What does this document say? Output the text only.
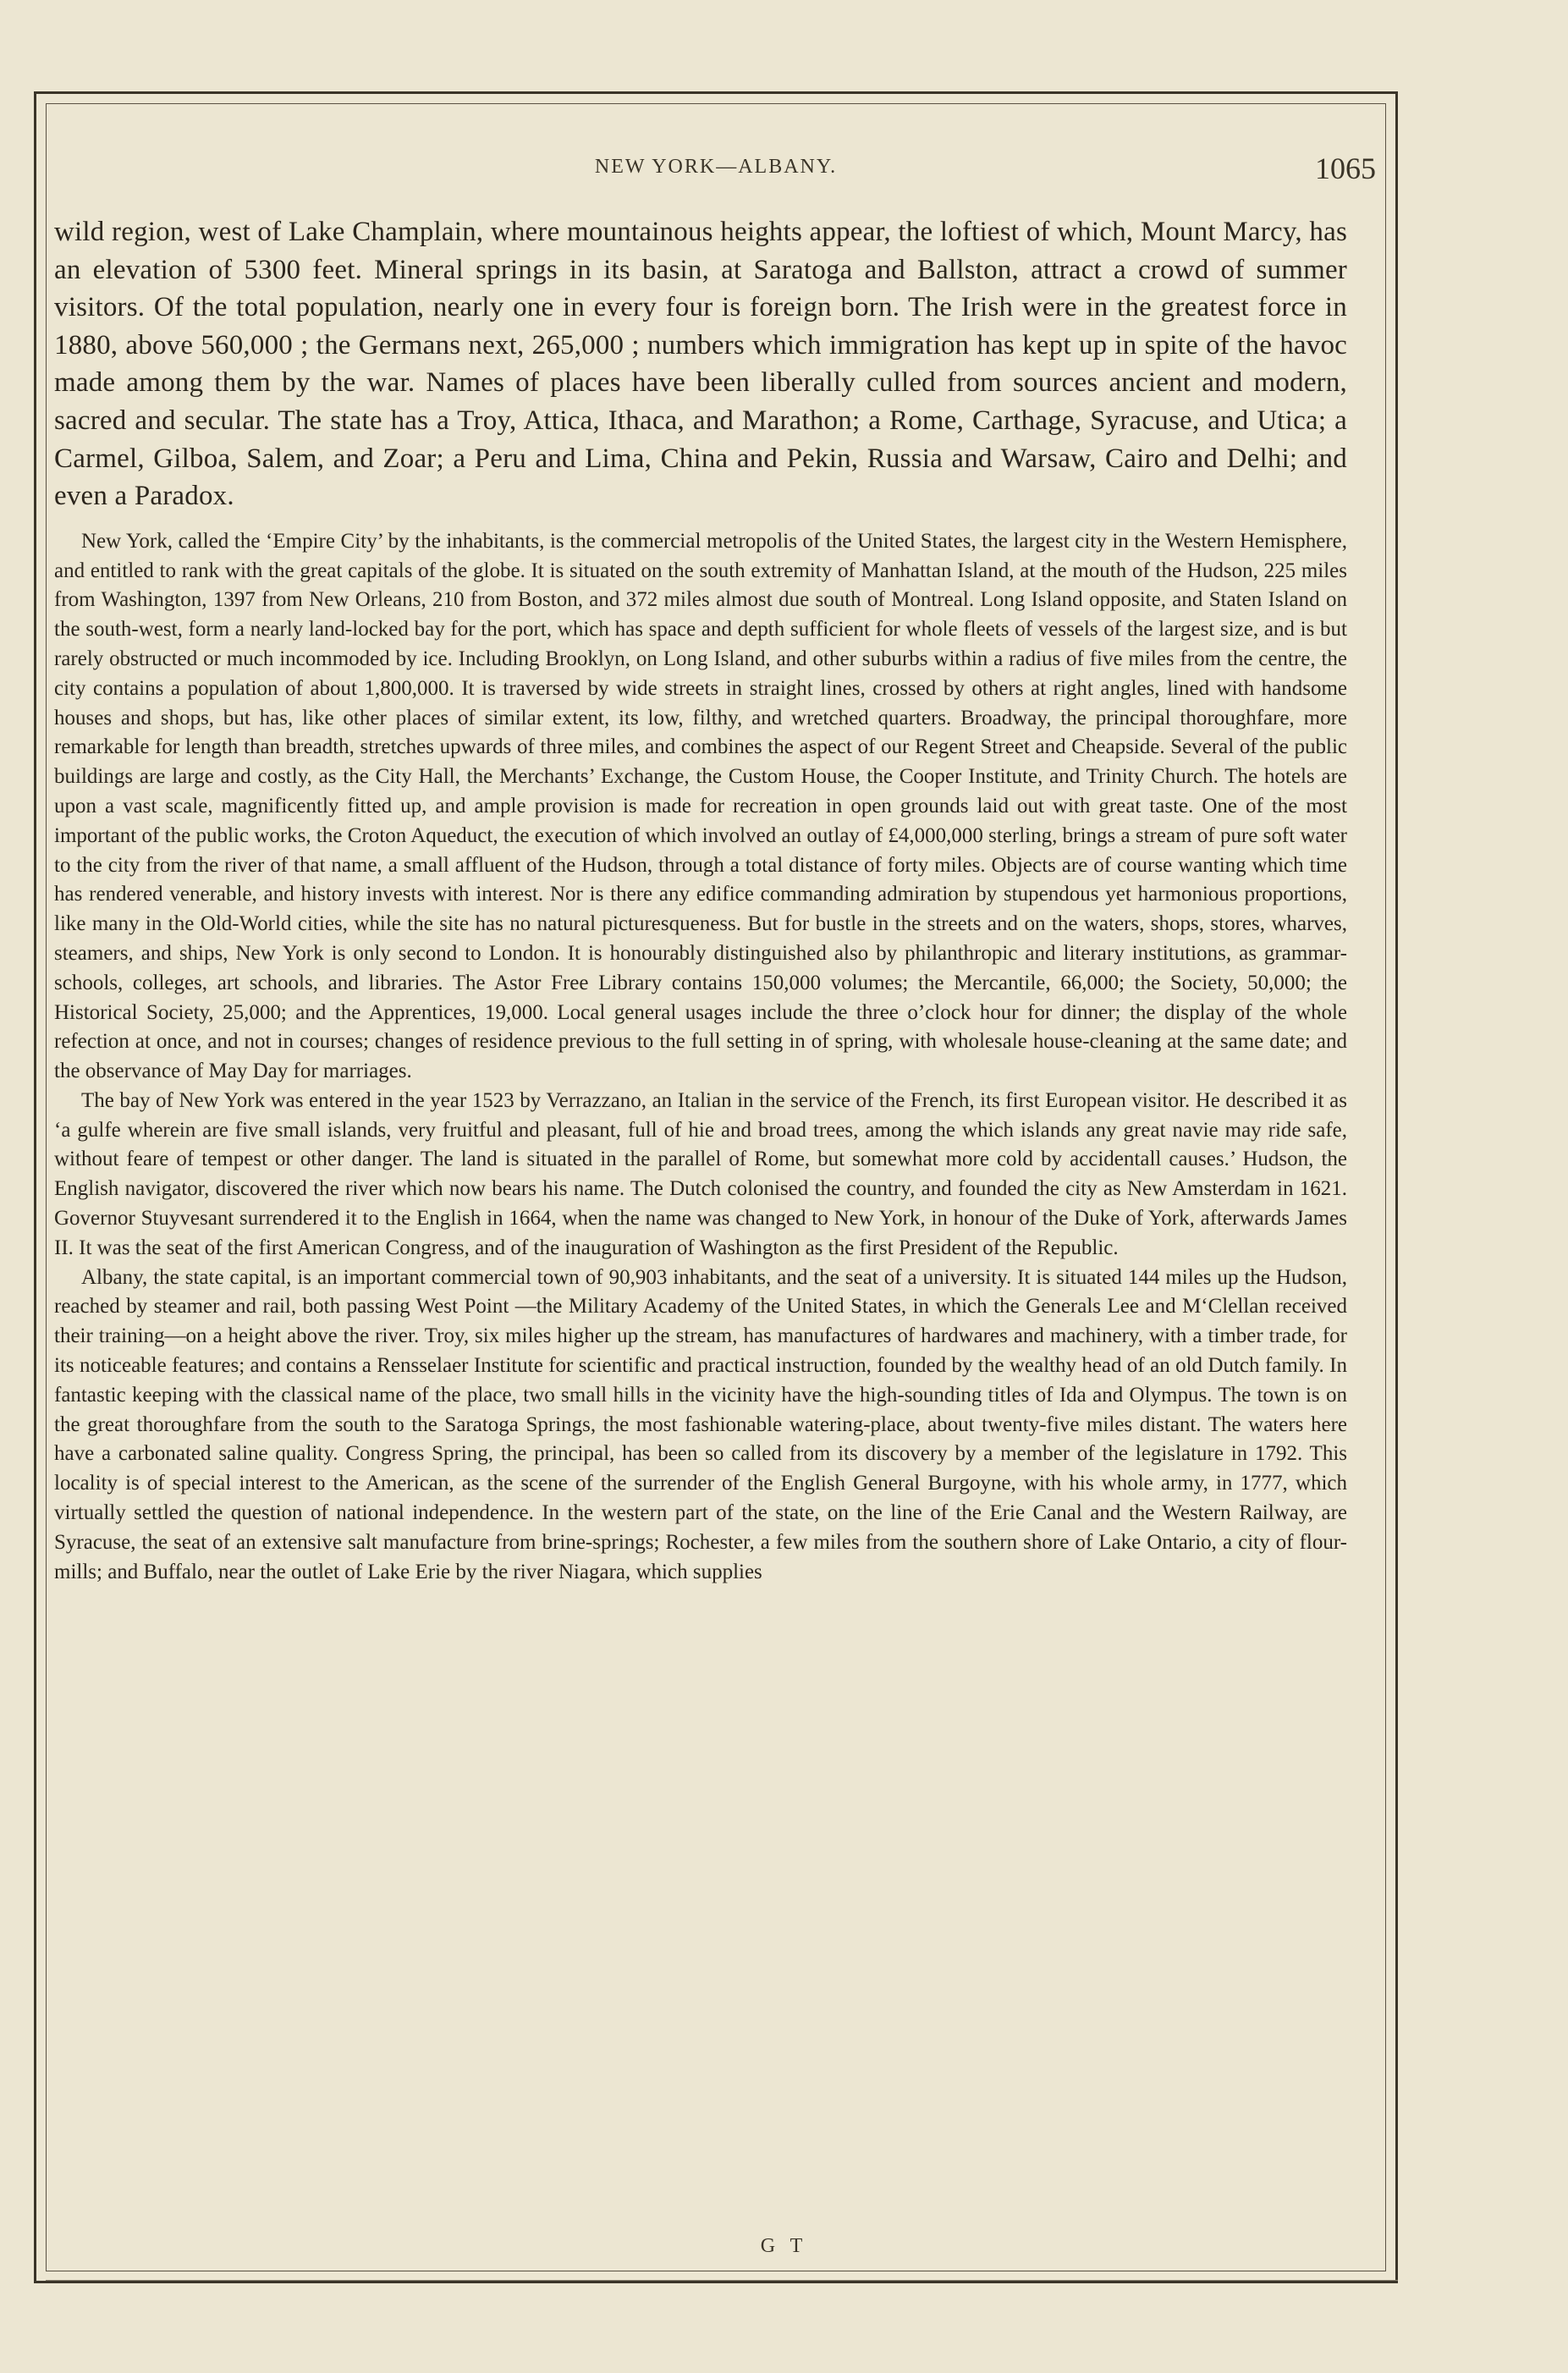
NEW YORK—ALBANY.	1065

wild region, west of Lake Champlain, where mountainous heights appear, the loftiest of which, Mount Marcy, has an elevation of 5300 feet. Mineral springs in its basin, at Saratoga and Ballston, attract a crowd of summer visitors. Of the total population, nearly one in every four is foreign born. The Irish were in the greatest force in 1880, above 560,000 ; the Germans next, 265,000 ; numbers which immigration has kept up in spite of the havoc made among them by the war. Names of places have been liberally culled from sources ancient and modern, sacred and secular. The state has a Troy, Attica, Ithaca, and Marathon; a Rome, Carthage, Syracuse, and Utica; a Carmel, Gilboa, Salem, and Zoar; a Peru and Lima, China and Pekin, Russia and Warsaw, Cairo and Delhi; and even a Paradox.

New York, called the ‘Empire City’ by the inhabitants, is the commercial metropolis of the United States, the largest city in the Western Hemisphere, and entitled to rank with the great capitals of the globe. It is situated on the south extremity of Manhattan Island, at the mouth of the Hudson, 225 miles from Washington, 1397 from New Orleans, 210 from Boston, and 372 miles almost due south of Montreal. Long Island opposite, and Staten Island on the south-west, form a nearly land-locked bay for the port, which has space and depth sufficient for whole fleets of vessels of the largest size, and is but rarely obstructed or much incommoded by ice. Including Brooklyn, on Long Island, and other suburbs within a radius of five miles from the centre, the city contains a population of about 1,800,000. It is traversed by wide streets in straight lines, crossed by others at right angles, lined with handsome houses and shops, but has, like other places of similar extent, its low, filthy, and wretched quarters. Broadway, the principal thoroughfare, more remarkable for length than breadth, stretches upwards of three miles, and combines the aspect of our Regent Street and Cheapside. Several of the public buildings are large and costly, as the City Hall, the Merchants’ Exchange, the Custom House, the Cooper Institute, and Trinity Church. The hotels are upon a vast scale, magnificently fitted up, and ample provision is made for recreation in open grounds laid out with great taste. One of the most important of the public works, the Croton Aqueduct, the execution of which involved an outlay of £4,000,000 sterling, brings a stream of pure soft water to the city from the river of that name, a small affluent of the Hudson, through a total distance of forty miles. Objects are of course wanting which time has rendered venerable, and history invests with interest. Nor is there any edifice commanding admiration by stupendous yet harmonious proportions, like many in the Old-World cities, while the site has no natural picturesqueness. But for bustle in the streets and on the waters, shops, stores, wharves, steamers, and ships, New York is only second to London. It is honourably distinguished also by philanthropic and literary institutions, as grammar-schools, colleges, art schools, and libraries. The Astor Free Library contains 150,000 volumes; the Mercantile, 66,000; the Society, 50,000; the Historical Society, 25,000; and the Apprentices, 19,000. Local general usages include the three o’clock hour for dinner; the display of the whole refection at once, and not in courses; changes of residence previous to the full setting in of spring, with wholesale house-cleaning at the same date; and the observance of May Day for marriages.

The bay of New York was entered in the year 1523 by Verrazzano, an Italian in the service of the French, its first European visitor. He described it as ‘a gulfe wherein are five small islands, very fruitful and pleasant, full of hie and broad trees, among the which islands any great navie may ride safe, without feare of tempest or other danger. The land is situated in the parallel of Rome, but somewhat more cold by accidentall causes.’ Hudson, the English navigator, discovered the river which now bears his name. The Dutch colonised the country, and founded the city as New Amsterdam in 1621. Governor Stuyvesant surrendered it to the English in 1664, when the name was changed to New York, in honour of the Duke of York, afterwards James II. It was the seat of the first American Congress, and of the inauguration of Washington as the first President of the Republic.

Albany, the state capital, is an important commercial town of 90,903 inhabitants, and the seat of a university. It is situated 144 miles up the Hudson, reached by steamer and rail, both passing West Point —the Military Academy of the United States, in which the Generals Lee and M‘Clellan received their training—on a height above the river. Troy, six miles higher up the stream, has manufactures of hardwares and machinery, with a timber trade, for its noticeable features; and contains a Rensselaer Institute for scientific and practical instruction, founded by the wealthy head of an old Dutch family. In fantastic keeping with the classical name of the place, two small hills in the vicinity have the high-sounding titles of Ida and Olympus. The town is on the great thoroughfare from the south to the Saratoga Springs, the most fashionable watering-place, about twenty-five miles distant. The waters here have a carbonated saline quality. Congress Spring, the principal, has been so called from its discovery by a member of the legislature in 1792. This locality is of special interest to the American, as the scene of the surrender of the English General Burgoyne, with his whole army, in 1777, which virtually settled the question of national independence. In the western part of the state, on the line of the Erie Canal and the Western Railway, are Syracuse, the seat of an extensive salt manufacture from brine-springs; Rochester, a few miles from the southern shore of Lake Ontario, a city of flour-mills; and Buffalo, near the outlet of Lake Erie by the river Niagara, which supplies

G T
